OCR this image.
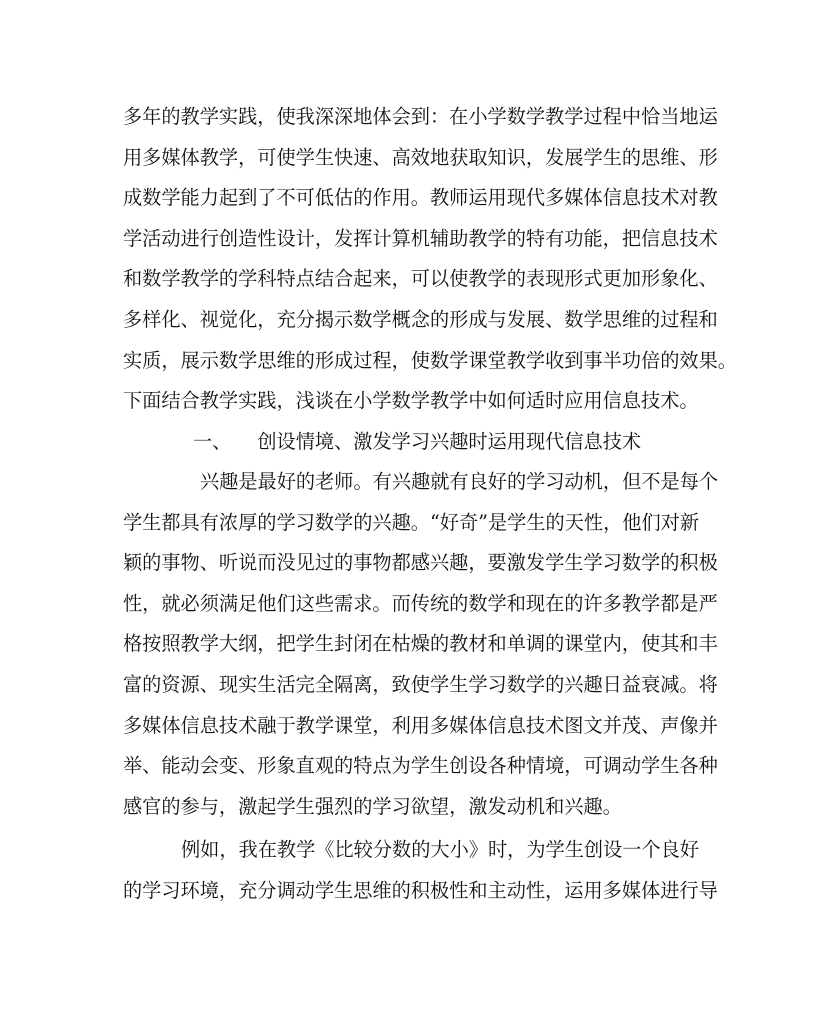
多年的教学实践，使我深深地体会到：在小学数学教学过程中恰当地运
用多媒体教学，可使学生快速、高效地获取知识，发展学生的思维、形
成数学能力起到了不可低估的作用。教师运用现代多媒体信息技术对教
学活动进行创造性设计，发挥计算机辅助教学的特有功能，把信息技术
和数学教学的学科特点结合起来，可以使教学的表现形式更加形象化、
多样化、视觉化，充分揭示数学概念的形成与发展、数学思维的过程和
实质，展示数学思维的形成过程，使数学课堂教学收到事半功倍的效果。
下面结合教学实践，浅谈在小学数学教学中如何适时应用信息技术。
一、 创设情境、激发学习兴趣时运用现代信息技术
兴趣是最好的老师。有兴趣就有良好的学习动机，但不是每个
学生都具有浓厚的学习数学的兴趣。“好奇”是学生的天性，他们对新
颖的事物、听说而没见过的事物都感兴趣，要激发学生学习数学的积极
性，就必须满足他们这些需求。而传统的数学和现在的许多教学都是严
格按照教学大纲，把学生封闭在枯燥的教材和单调的课堂内，使其和丰
富的资源、现实生活完全隔离，致使学生学习数学的兴趣日益衰减。将
多媒体信息技术融于教学课堂，利用多媒体信息技术图文并茂、声像并
举、能动会变、形象直观的特点为学生创设各种情境，可调动学生各种
感官的参与，激起学生强烈的学习欲望，激发动机和兴趣。
例如，我在教学《比较分数的大小》时，为学生创设一个良好
的学习环境，充分调动学生思维的积极性和主动性，运用多媒体进行导
